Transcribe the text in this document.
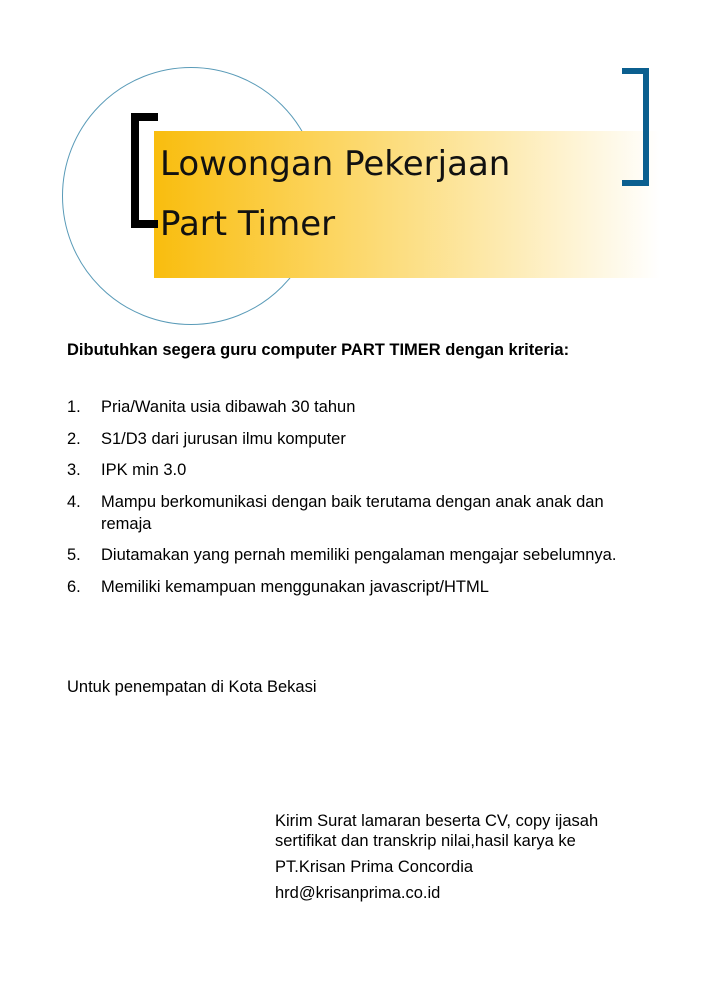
Lowongan Pekerjaan
Part Timer

Dibutuhkan segera guru computer PART TIMER dengan kriteria:

1. Pria/Wanita usia dibawah 30 tahun
2. S1/D3 dari jurusan ilmu komputer
3. IPK min 3.0
4. Mampu berkomunikasi dengan baik terutama dengan anak anak dan remaja
5. Diutamakan yang pernah memiliki pengalaman mengajar sebelumnya.
6. Memiliki kemampuan menggunakan javascript/HTML

Untuk penempatan di Kota Bekasi

Kirim Surat lamaran beserta CV, copy ijasah
sertifikat dan transkrip nilai,hasil karya ke
PT.Krisan Prima Concordia
hrd@krisanprima.co.id
